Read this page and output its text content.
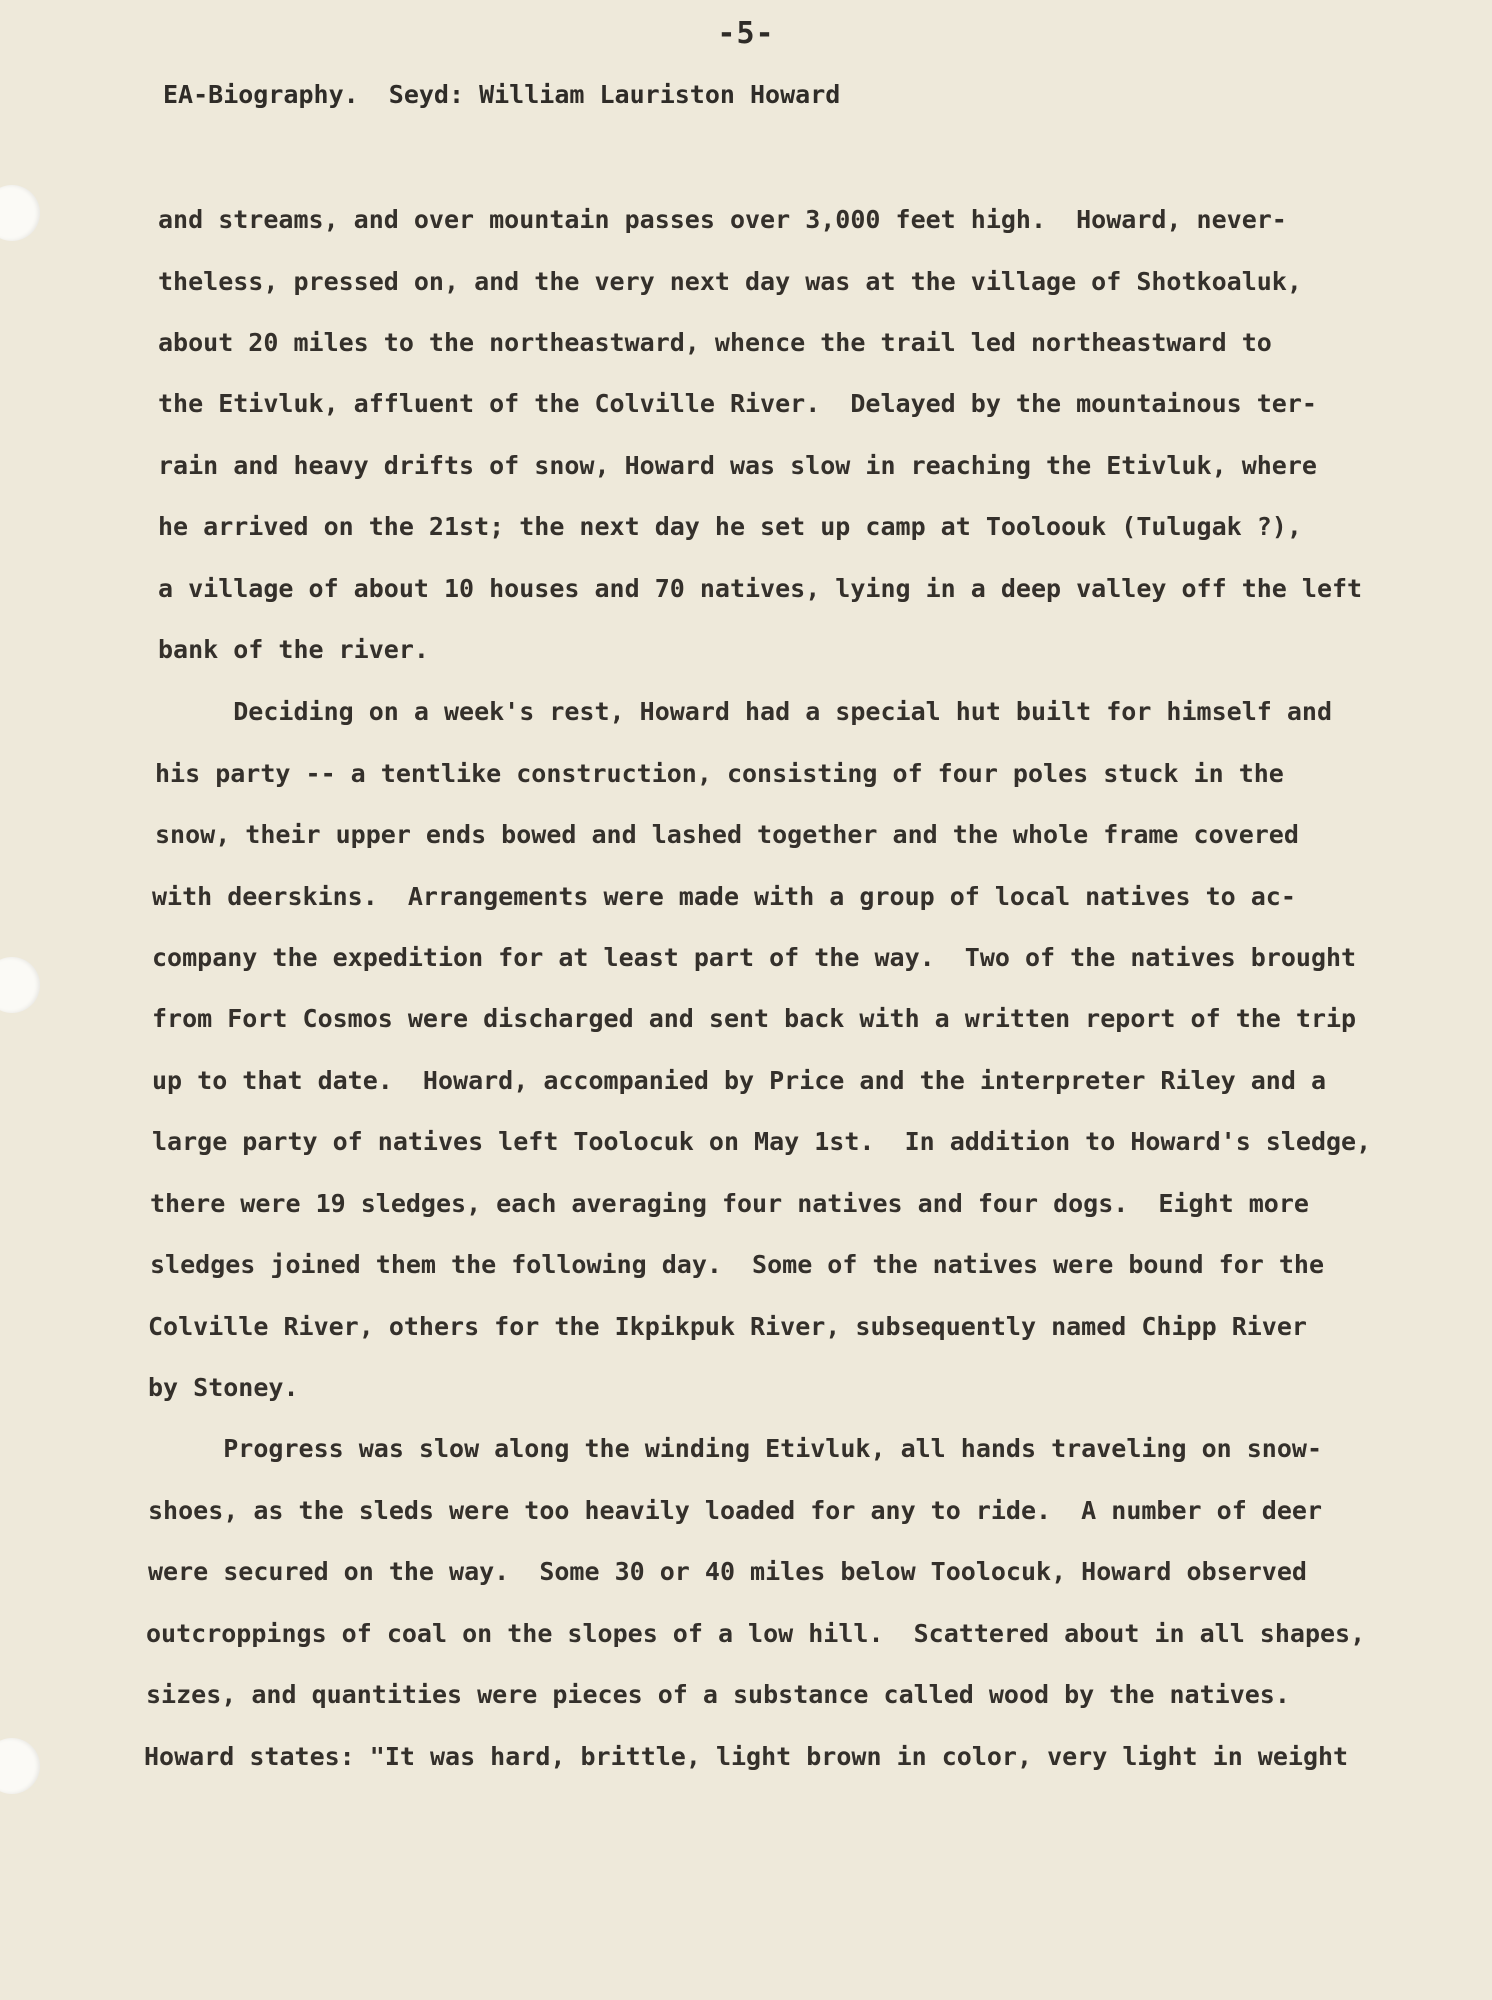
-5-
EA-Biography.  Seyd: William Lauriston Howard
and streams, and over mountain passes over 3,000 feet high.  Howard, never-
theless, pressed on, and the very next day was at the village of Shotkoaluk,
about 20 miles to the northeastward, whence the trail led northeastward to
the Etivluk, affluent of the Colville River.  Delayed by the mountainous ter-
rain and heavy drifts of snow, Howard was slow in reaching the Etivluk, where
he arrived on the 21st; the next day he set up camp at Tooloouk (Tulugak ?),
a village of about 10 houses and 70 natives, lying in a deep valley off the left
bank of the river.
Deciding on a week's rest, Howard had a special hut built for himself and
his party -- a tentlike construction, consisting of four poles stuck in the
snow, their upper ends bowed and lashed together and the whole frame covered
with deerskins.  Arrangements were made with a group of local natives to ac-
company the expedition for at least part of the way.  Two of the natives brought
from Fort Cosmos were discharged and sent back with a written report of the trip
up to that date.  Howard, accompanied by Price and the interpreter Riley and a
large party of natives left Toolocuk on May 1st.  In addition to Howard's sledge,
there were 19 sledges, each averaging four natives and four dogs.  Eight more
sledges joined them the following day.  Some of the natives were bound for the
Colville River, others for the Ikpikpuk River, subsequently named Chipp River
by Stoney.
Progress was slow along the winding Etivluk, all hands traveling on snow-
shoes, as the sleds were too heavily loaded for any to ride.  A number of deer
were secured on the way.  Some 30 or 40 miles below Toolocuk, Howard observed
outcroppings of coal on the slopes of a low hill.  Scattered about in all shapes,
sizes, and quantities were pieces of a substance called wood by the natives.
Howard states: "It was hard, brittle, light brown in color, very light in weight
